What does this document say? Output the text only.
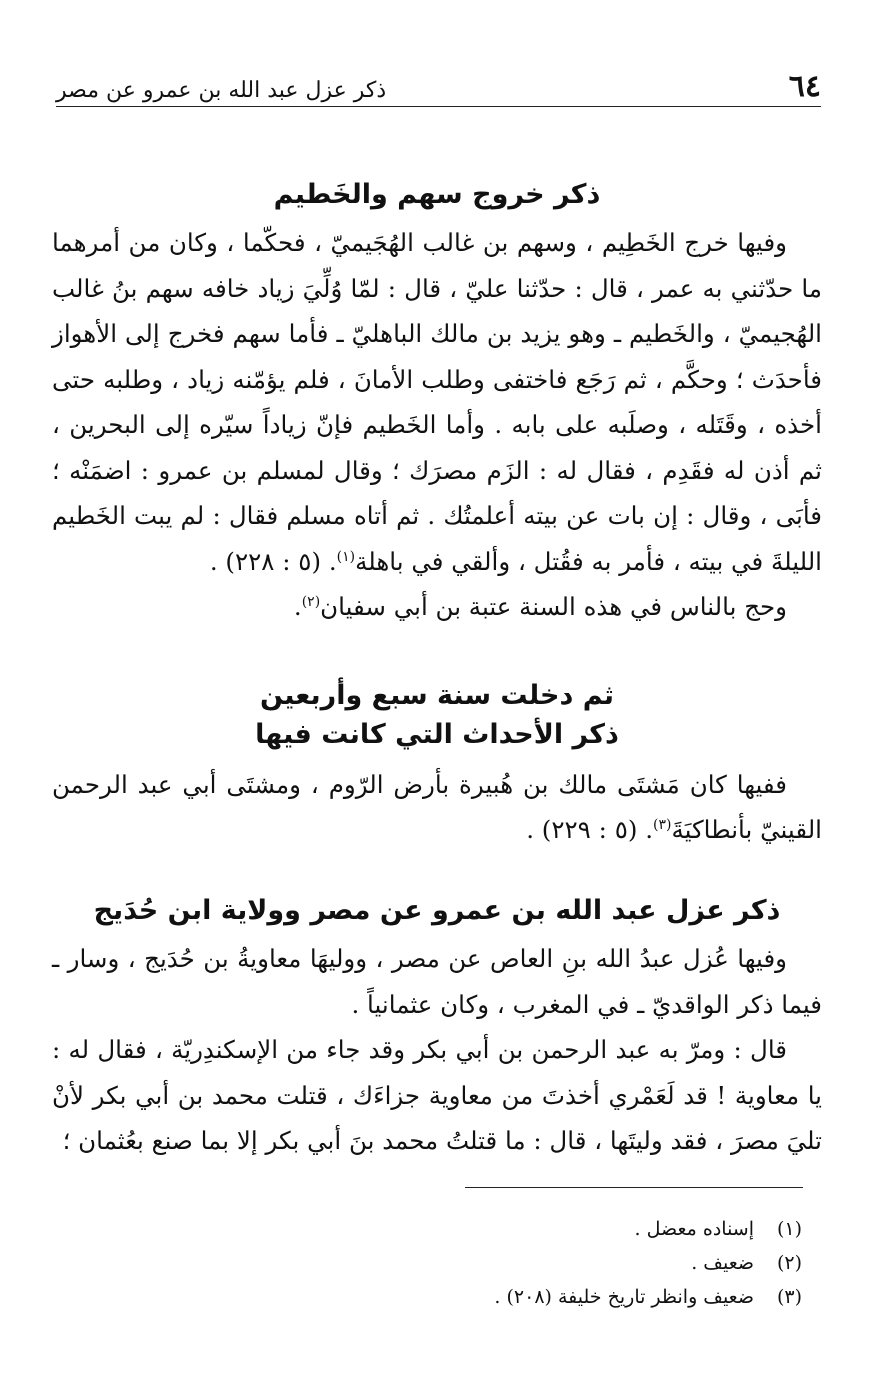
٦٤
ذكر عزل عبد الله بن عمرو عن مصر
ذكر خروج سهم والخَطيم

وفيها خرج الخَطِيم ، وسهم بن غالب الهُجَيميّ ، فحكّما ، وكان من أمرهما ما حدّثني به عمر ، قال : حدّثنا عليّ ، قال : لمّا وُلِّيَ زياد خافه سهم بنُ غالب الهُجيميّ ، والخَطيم ـ وهو يزيد بن مالك الباهليّ ـ فأما سهم فخرج إلى الأهواز فأحدَث ؛ وحكَّم ، ثم رَجَع فاختفى وطلب الأمانَ ، فلم يؤمّنه زياد ، وطلبه حتى أخذه ، وقَتَله ، وصلَبه على بابه . وأما الخَطيم فإنّ زياداً سيّره إلى البحرين ، ثم أذن له فقَدِم ، فقال له : الزَم مصرَك ؛ وقال لمسلم بن عمرو : اضمَنْه ؛ فأبَى ، وقال : إن بات عن بيته أعلمتُك . ثم أتاه مسلم فقال : لم يبت الخَطيم الليلةَ في بيته ، فأمر به فقُتل ، وألقي في باهلة$^{(١)}$. (٥ : ٢٢٨) .

وحج بالناس في هذه السنة عتبة بن أبي سفيان$^{(٢)}$.

ثم دخلت سنة سبع وأربعين
ذكر الأحداث التي كانت فيها

ففيها كان مَشتَى مالك بن هُبيرة بأرض الرّوم ، ومشتَى أبي عبد الرحمن القينيّ بأنطاكيَةَ$^{(٣)}$. (٥ : ٢٢٩) .

ذكر عزل عبد الله بن عمرو عن مصر وولاية ابن حُدَيج

وفيها عُزل عبدُ الله بنِ العاص عن مصر ، ووليهَا معاويةُ بن حُدَيج ، وسار ـ فيما ذكر الواقديّ ـ في المغرب ، وكان عثمانياً .

قال : ومرّ به عبد الرحمن بن أبي بكر وقد جاء من الإسكندِريّة ، فقال له : يا معاوية ! قد لَعَمْري أخذتَ من معاوية جزاءَك ، قتلت محمد بن أبي بكر لأنْ تليَ مصرَ ، فقد وليتَها ، قال : ما قتلتُ محمد بنَ أبي بكر إلا بما صنع بعُثمان ؛

(١)
إسناده معضل .
(٢)
ضعيف .
(٣)
ضعيف وانظر تاريخ خليفة (٢٠٨) .
